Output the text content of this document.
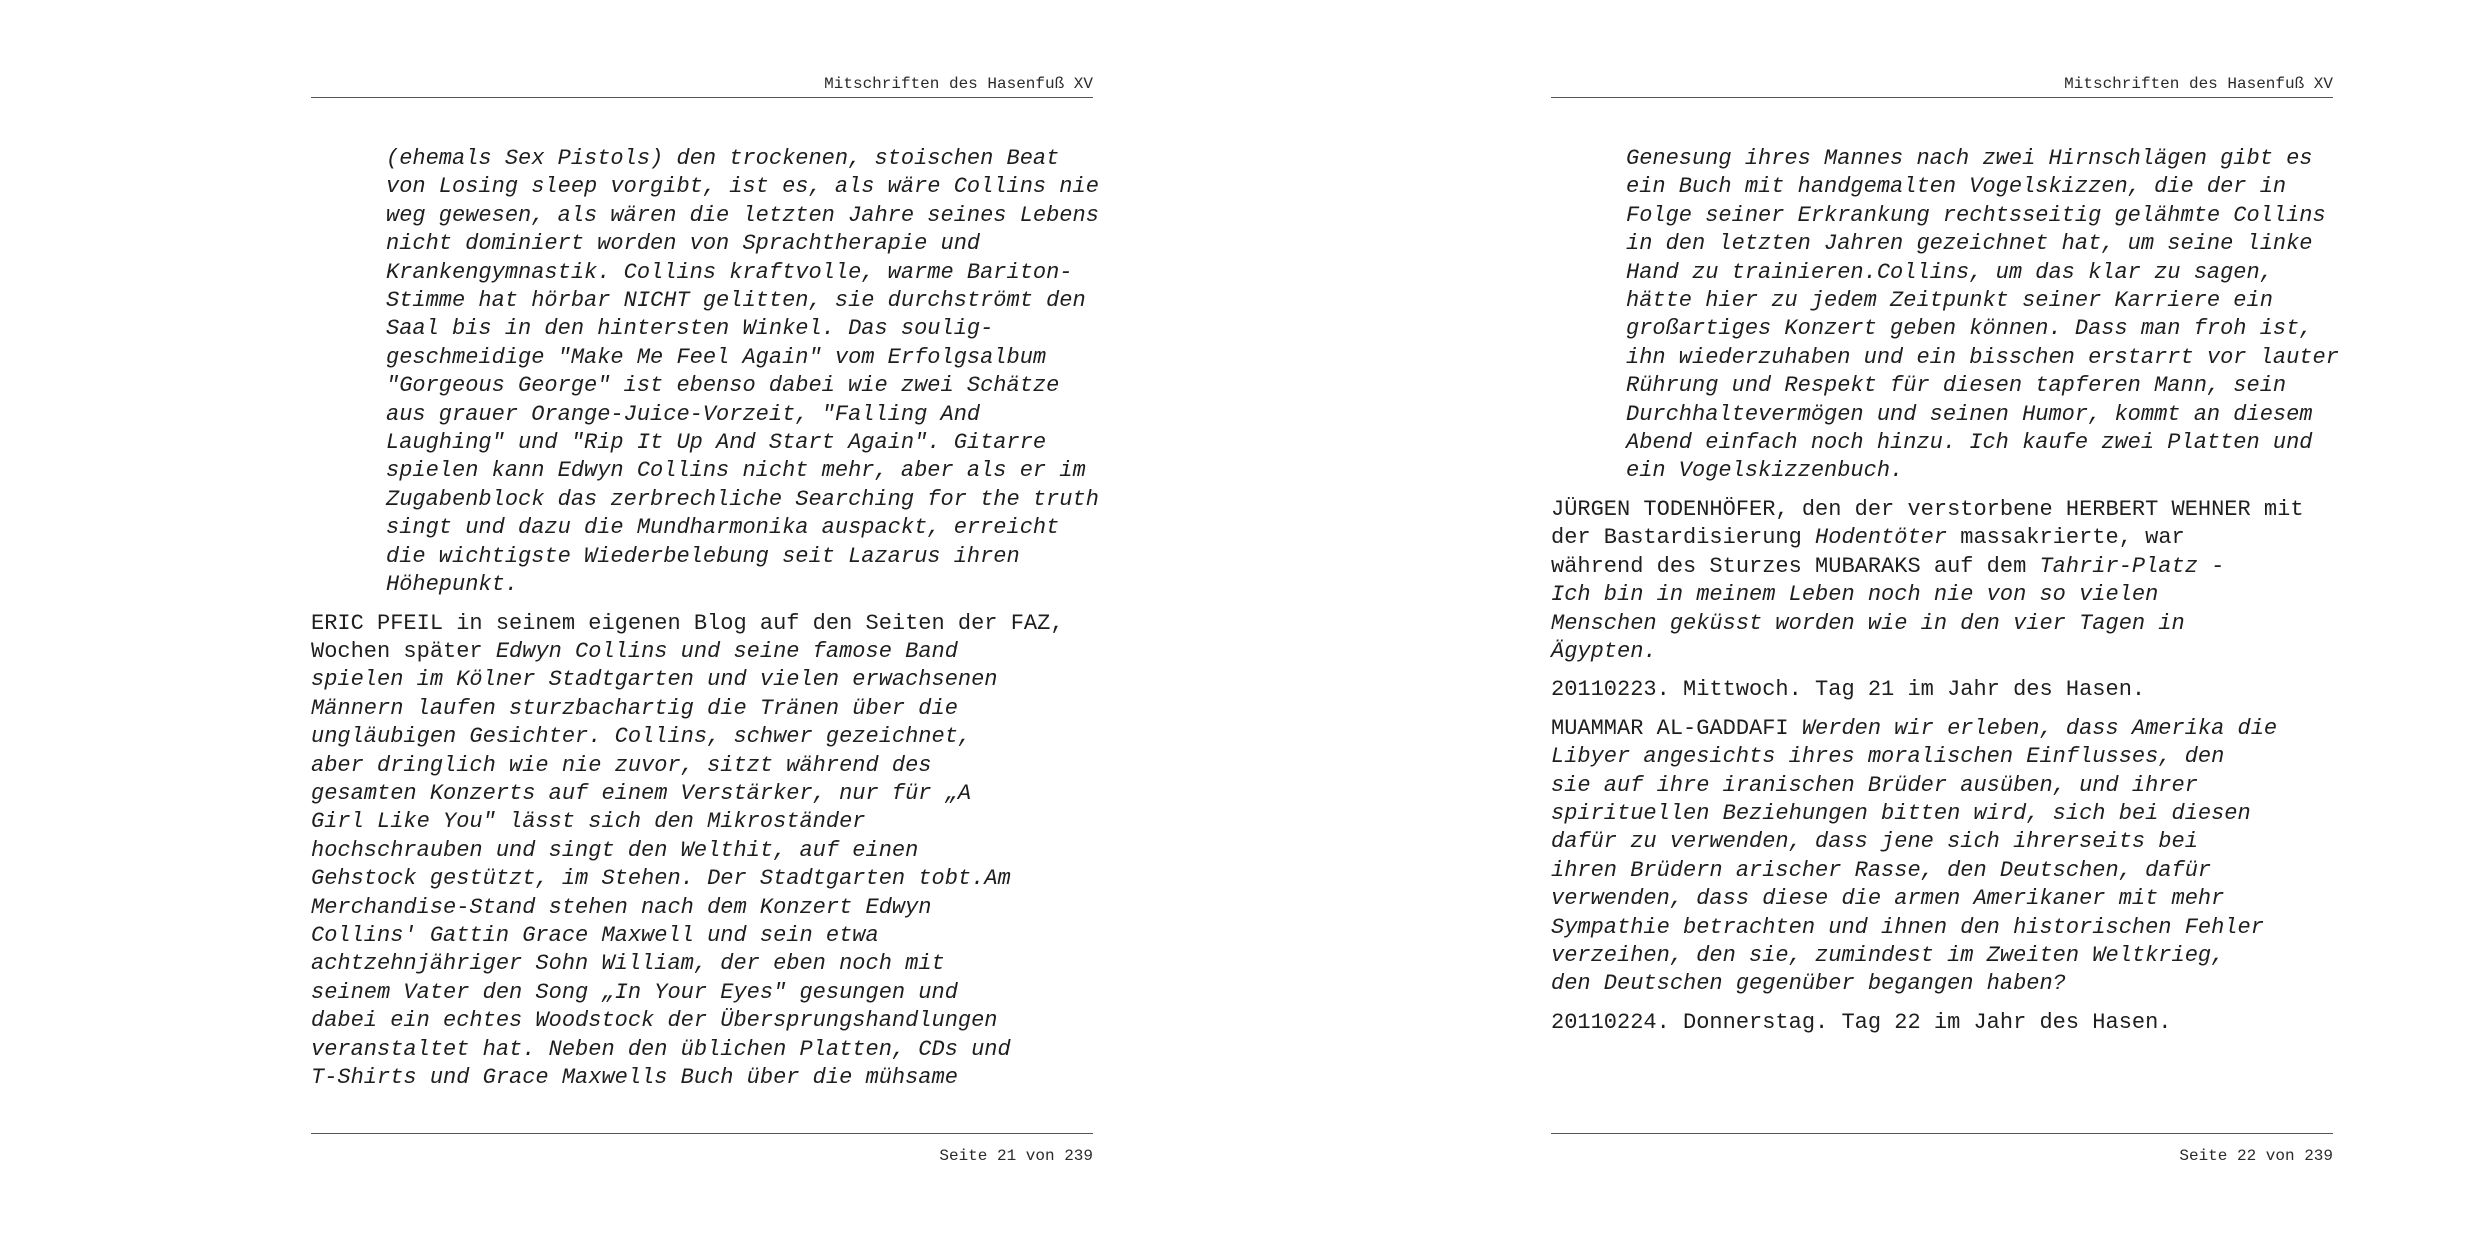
Mitschriften des Hasenfuß XV
(ehemals Sex Pistols) den trockenen, stoischen Beat
von Losing sleep vorgibt, ist es, als wäre Collins nie
weg gewesen, als wären die letzten Jahre seines Lebens
nicht dominiert worden von Sprachtherapie und
Krankengymnastik. Collins kraftvolle, warme Bariton-
Stimme hat hörbar NICHT gelitten, sie durchströmt den
Saal bis in den hintersten Winkel. Das soulig-
geschmeidige "Make Me Feel Again" vom Erfolgsalbum
"Gorgeous George" ist ebenso dabei wie zwei Schätze
aus grauer Orange-Juice-Vorzeit, "Falling And
Laughing" und "Rip It Up And Start Again". Gitarre
spielen kann Edwyn Collins nicht mehr, aber als er im
Zugabenblock das zerbrechliche Searching for the truth
singt und dazu die Mundharmonika auspackt, erreicht
die wichtigste Wiederbelebung seit Lazarus ihren
Höhepunkt.
ERIC PFEIL in seinem eigenen Blog auf den Seiten der FAZ,
Wochen später Edwyn Collins und seine famose Band
spielen im Kölner Stadtgarten und vielen erwachsenen
Männern laufen sturzbachartig die Tränen über die
ungläubigen Gesichter. Collins, schwer gezeichnet,
aber dringlich wie nie zuvor, sitzt während des
gesamten Konzerts auf einem Verstärker, nur für „A
Girl Like You" lässt sich den Mikroständer
hochschrauben und singt den Welthit, auf einen
Gehstock gestützt, im Stehen. Der Stadtgarten tobt.Am
Merchandise-Stand stehen nach dem Konzert Edwyn
Collins' Gattin Grace Maxwell und sein etwa
achtzehnjähriger Sohn William, der eben noch mit
seinem Vater den Song „In Your Eyes" gesungen und
dabei ein echtes Woodstock der Übersprungshandlungen
veranstaltet hat. Neben den üblichen Platten, CDs und
T-Shirts und Grace Maxwells Buch über die mühsame
Seite 21 von 239
Mitschriften des Hasenfuß XV
Genesung ihres Mannes nach zwei Hirnschlägen gibt es
ein Buch mit handgemalten Vogelskizzen, die der in
Folge seiner Erkrankung rechtsseitig gelähmte Collins
in den letzten Jahren gezeichnet hat, um seine linke
Hand zu trainieren.Collins, um das klar zu sagen,
hätte hier zu jedem Zeitpunkt seiner Karriere ein
großartiges Konzert geben können. Dass man froh ist,
ihn wiederzuhaben und ein bisschen erstarrt vor lauter
Rührung und Respekt für diesen tapferen Mann, sein
Durchhaltevermögen und seinen Humor, kommt an diesem
Abend einfach noch hinzu. Ich kaufe zwei Platten und
ein Vogelskizzenbuch.
JÜRGEN TODENHÖFER, den der verstorbene HERBERT WEHNER mit
der Bastardisierung Hodentöter massakrierte, war
während des Sturzes MUBARAKS auf dem Tahrir-Platz -
Ich bin in meinem Leben noch nie von so vielen
Menschen geküsst worden wie in den vier Tagen in
Ägypten.
20110223. Mittwoch. Tag 21 im Jahr des Hasen.
MUAMMAR AL-GADDAFI Werden wir erleben, dass Amerika die
Libyer angesichts ihres moralischen Einflusses, den
sie auf ihre iranischen Brüder ausüben, und ihrer
spirituellen Beziehungen bitten wird, sich bei diesen
dafür zu verwenden, dass jene sich ihrerseits bei
ihren Brüdern arischer Rasse, den Deutschen, dafür
verwenden, dass diese die armen Amerikaner mit mehr
Sympathie betrachten und ihnen den historischen Fehler
verzeihen, den sie, zumindest im Zweiten Weltkrieg,
den Deutschen gegenüber begangen haben?
20110224. Donnerstag. Tag 22 im Jahr des Hasen.
Seite 22 von 239
